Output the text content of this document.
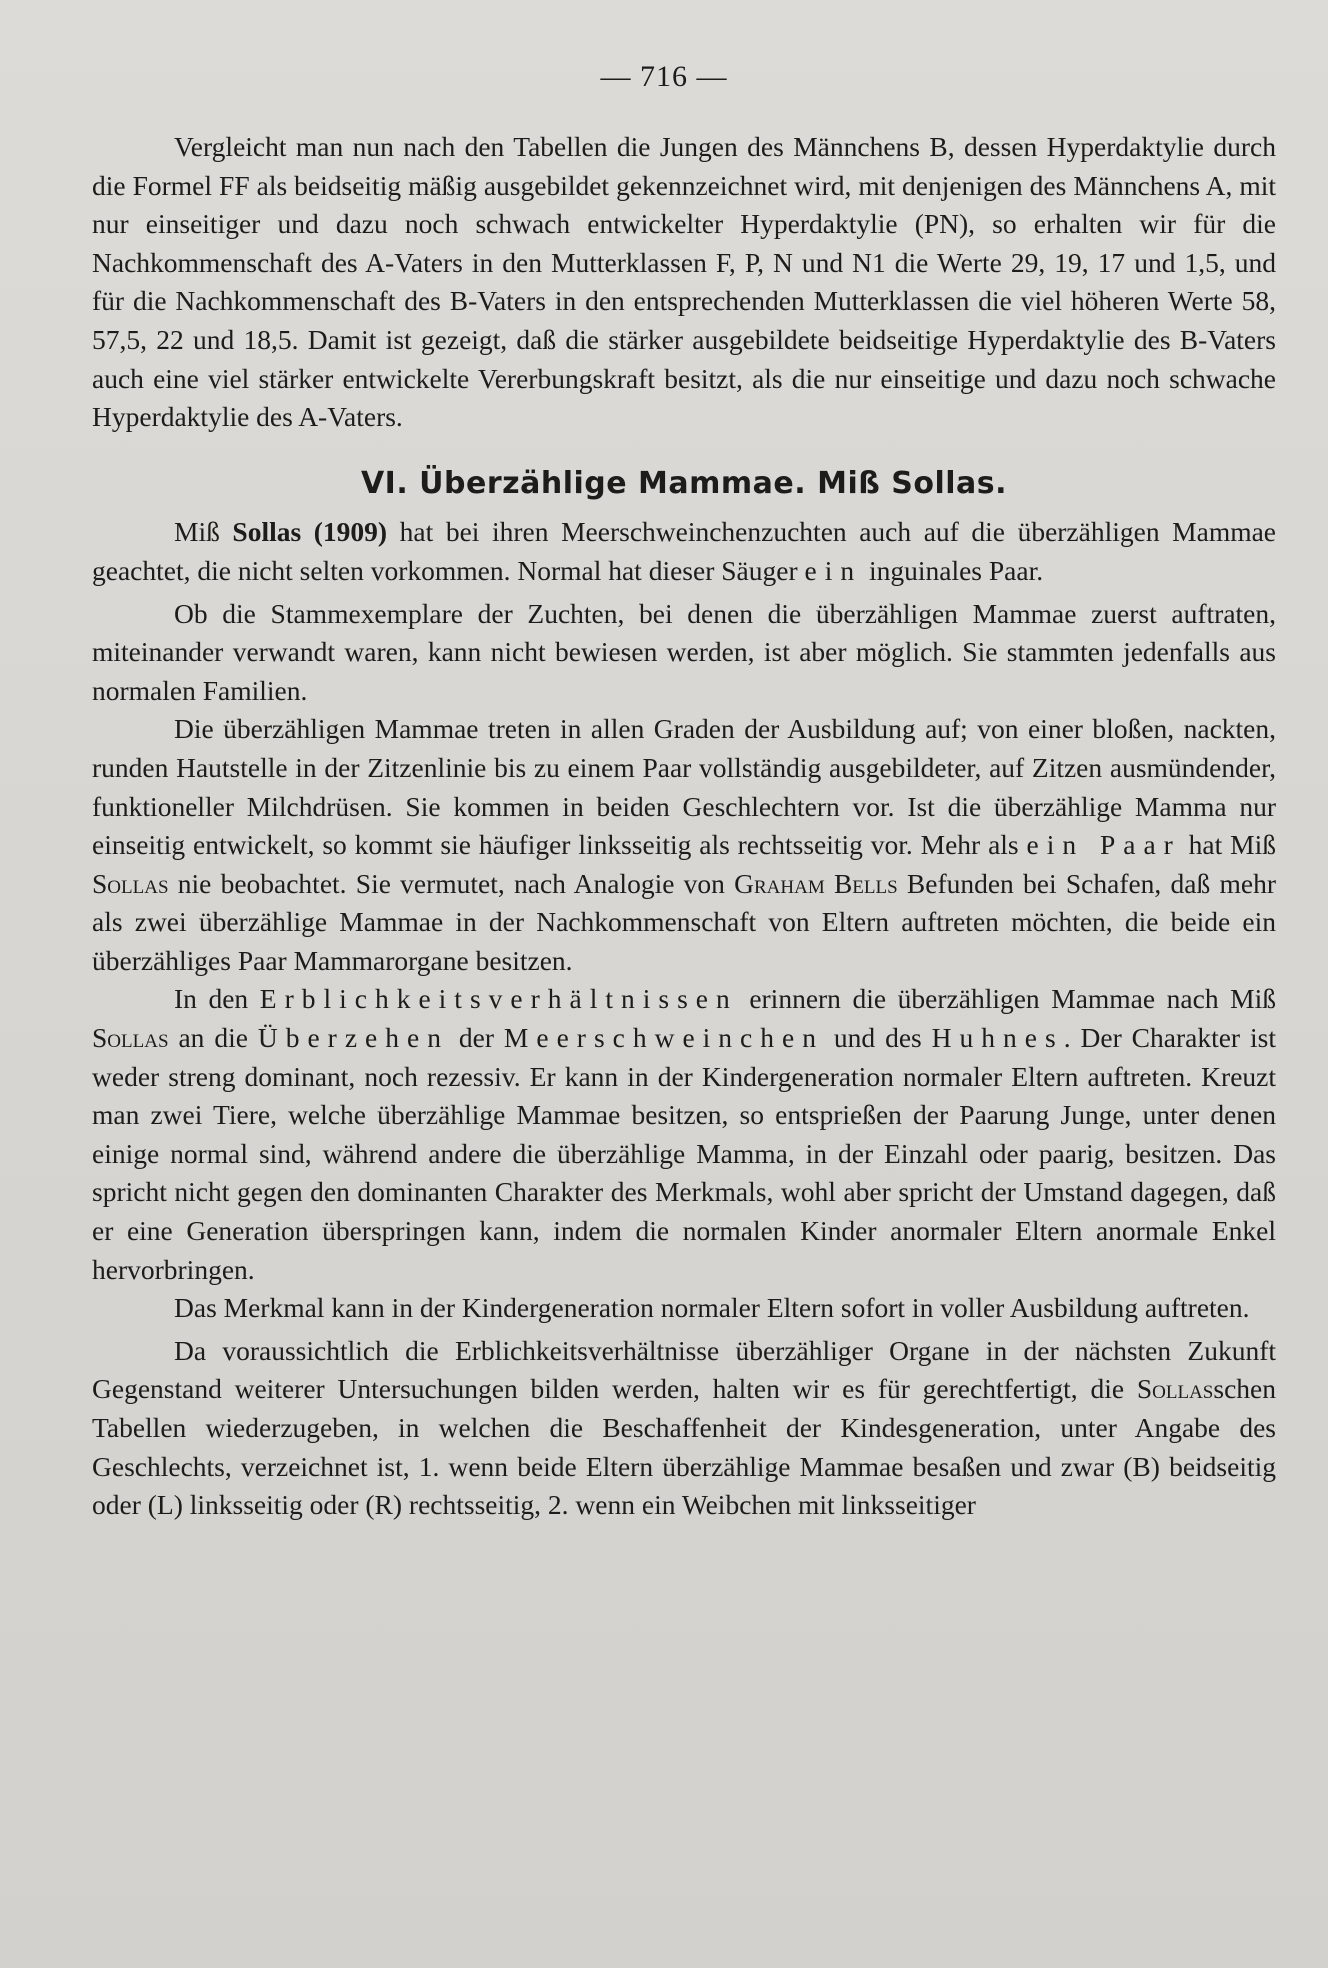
— 716 —

Vergleicht man nun nach den Tabellen die Jungen des Männchens B, dessen Hyperdaktylie durch die Formel FF als beidseitig mäßig ausgebildet gekennzeichnet wird, mit denjenigen des Männchens A, mit nur einseitiger und dazu noch schwach entwickelter Hyperdaktylie (PN), so erhalten wir für die Nachkommenschaft des A-Vaters in den Mutterklassen F, P, N und N1 die Werte 29, 19, 17 und 1,5, und für die Nachkommenschaft des B-Vaters in den entsprechenden Mutterklassen die viel höheren Werte 58, 57,5, 22 und 18,5. Damit ist gezeigt, daß die stärker ausgebildete beidseitige Hyperdaktylie des B-Vaters auch eine viel stärker entwickelte Vererbungskraft besitzt, als die nur einseitige und dazu noch schwache Hyperdaktylie des A-Vaters.

VI. Überzählige Mammae. Miß Sollas.

Miß Sollas (1909) hat bei ihren Meerschweinchenzuchten auch auf die überzähligen Mammae geachtet, die nicht selten vorkommen. Normal hat dieser Säuger ein inguinales Paar.

Ob die Stammexemplare der Zuchten, bei denen die überzähligen Mammae zuerst auftraten, miteinander verwandt waren, kann nicht bewiesen werden, ist aber möglich. Sie stammten jedenfalls aus normalen Familien.

Die überzähligen Mammae treten in allen Graden der Ausbildung auf; von einer bloßen, nackten, runden Hautstelle in der Zitzenlinie bis zu einem Paar vollständig ausgebildeter, auf Zitzen ausmündender, funktioneller Milchdrüsen. Sie kommen in beiden Geschlechtern vor. Ist die überzählige Mamma nur einseitig entwickelt, so kommt sie häufiger linksseitig als rechtsseitig vor. Mehr als ein Paar hat Miß Sollas nie beobachtet. Sie vermutet, nach Analogie von Graham Bells Befunden bei Schafen, daß mehr als zwei überzählige Mammae in der Nachkommenschaft von Eltern auftreten möchten, die beide ein überzähliges Paar Mammarorgane besitzen.

In den Erblichkeitsverhältnissen erinnern die überzähligen Mammae nach Miß Sollas an die Überzehen der Meerschweinchen und des Huhnes. Der Charakter ist weder streng dominant, noch rezessiv. Er kann in der Kindergeneration normaler Eltern auftreten. Kreuzt man zwei Tiere, welche überzählige Mammae besitzen, so entsprießen der Paarung Junge, unter denen einige normal sind, während andere die überzählige Mamma, in der Einzahl oder paarig, besitzen. Das spricht nicht gegen den dominanten Charakter des Merkmals, wohl aber spricht der Umstand dagegen, daß er eine Generation überspringen kann, indem die normalen Kinder anormaler Eltern anormale Enkel hervorbringen.

Das Merkmal kann in der Kindergeneration normaler Eltern sofort in voller Ausbildung auftreten.

Da voraussichtlich die Erblichkeitsverhältnisse überzähliger Organe in der nächsten Zukunft Gegenstand weiterer Untersuchungen bilden werden, halten wir es für gerechtfertigt, die Sollasschen Tabellen wiederzugeben, in welchen die Beschaffenheit der Kindesgeneration, unter Angabe des Geschlechts, verzeichnet ist, 1. wenn beide Eltern überzählige Mammae besaßen und zwar (B) beidseitig oder (L) linksseitig oder (R) rechtsseitig, 2. wenn ein Weibchen mit linksseitiger
